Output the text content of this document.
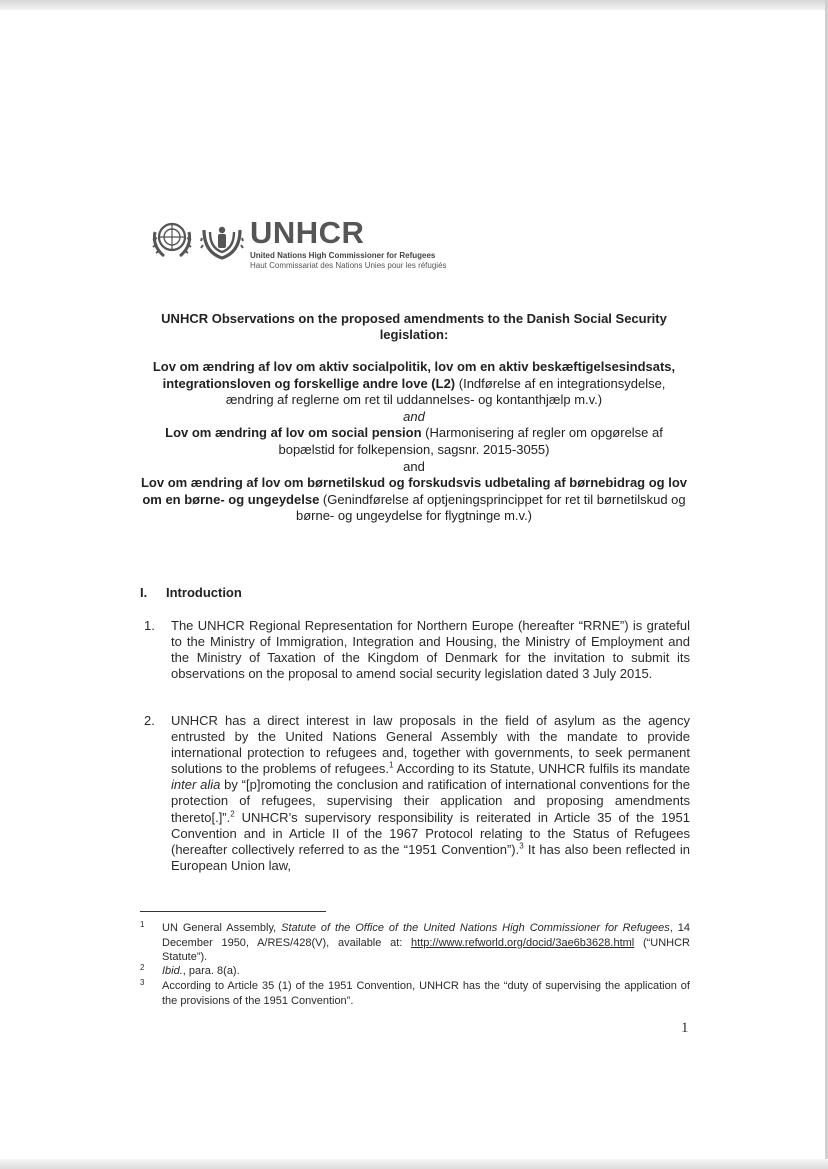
UNHCR
United Nations High Commissioner for Refugees
Haut Commissariat des Nations Unies pour les réfugiés
UNHCR Observations on the proposed amendments to the Danish Social Security legislation:

Lov om ændring af lov om aktiv socialpolitik, lov om en aktiv beskæftigelsesindsats, integrationsloven og forskellige andre love (L2) (Indførelse af en integrationsydelse, ændring af reglerne om ret til uddannelses- og kontanthjælp m.v.)

and

Lov om ændring af lov om social pension (Harmonisering af regler om opgørelse af bopælstid for folkepension, sagsnr. 2015-3055)

and

Lov om ændring af lov om børnetilskud og forskudsvis udbetaling af børnebidrag og lov om en børne- og ungeydelse (Genindførelse af optjeningsprincippet for ret til børnetilskud og børne- og ungeydelse for flygtninge m.v.)

I. Introduction
1. The UNHCR Regional Representation for Northern Europe (hereafter “RRNE”) is grateful to the Ministry of Immigration, Integration and Housing, the Ministry of Employment and the Ministry of Taxation of the Kingdom of Denmark for the invitation to submit its observations on the proposal to amend social security legislation dated 3 July 2015.
2. UNHCR has a direct interest in law proposals in the field of asylum as the agency entrusted by the United Nations General Assembly with the mandate to provide international protection to refugees and, together with governments, to seek permanent solutions to the problems of refugees.$^1$ According to its Statute, UNHCR fulfils its mandate inter alia by “[p]romoting the conclusion and ratification of international conventions for the protection of refugees, supervising their application and proposing amendments thereto[.]”.$^2$ UNHCR’s supervisory responsibility is reiterated in Article 35 of the 1951 Convention and in Article II of the 1967 Protocol relating to the Status of Refugees (hereafter collectively referred to as the “1951 Convention”).$^3$ It has also been reflected in European Union law,
1 UN General Assembly, Statute of the Office of the United Nations High Commissioner for Refugees, 14 December 1950, A/RES/428(V), available at: http://www.refworld.org/docid/3ae6b3628.html (“UNHCR Statute”).
2 Ibid., para. 8(a).
3 According to Article 35 (1) of the 1951 Convention, UNHCR has the “duty of supervising the application of the provisions of the 1951 Convention”.
1
